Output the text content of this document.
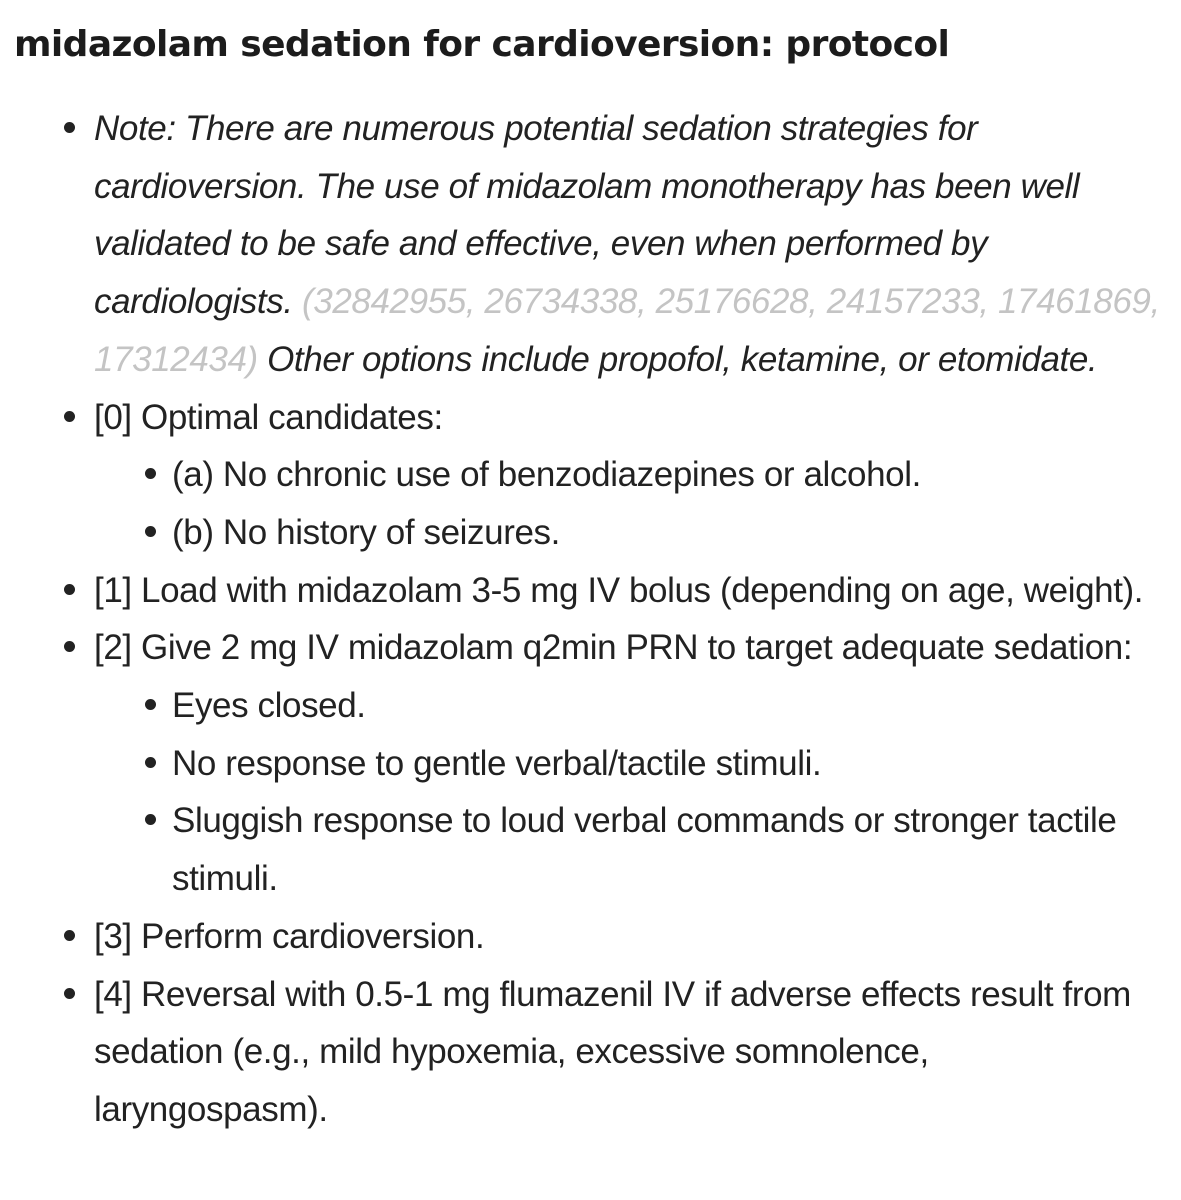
midazolam sedation for cardioversion: protocol
Note: There are numerous potential sedation strategies for cardioversion. The use of midazolam monotherapy has been well validated to be safe and effective, even when performed by cardiologists. (32842955, 26734338, 25176628, 24157233, 17461869, 17312434) Other options include propofol, ketamine, or etomidate.
[0] Optimal candidates:
(a) No chronic use of benzodiazepines or alcohol.
(b) No history of seizures.
[1] Load with midazolam 3-5 mg IV bolus (depending on age, weight).
[2] Give 2 mg IV midazolam q2min PRN to target adequate sedation:
Eyes closed.
No response to gentle verbal/tactile stimuli.
Sluggish response to loud verbal commands or stronger tactile stimuli.
[3] Perform cardioversion.
[4] Reversal with 0.5-1 mg flumazenil IV if adverse effects result from sedation (e.g., mild hypoxemia, excessive somnolence, laryngospasm).
